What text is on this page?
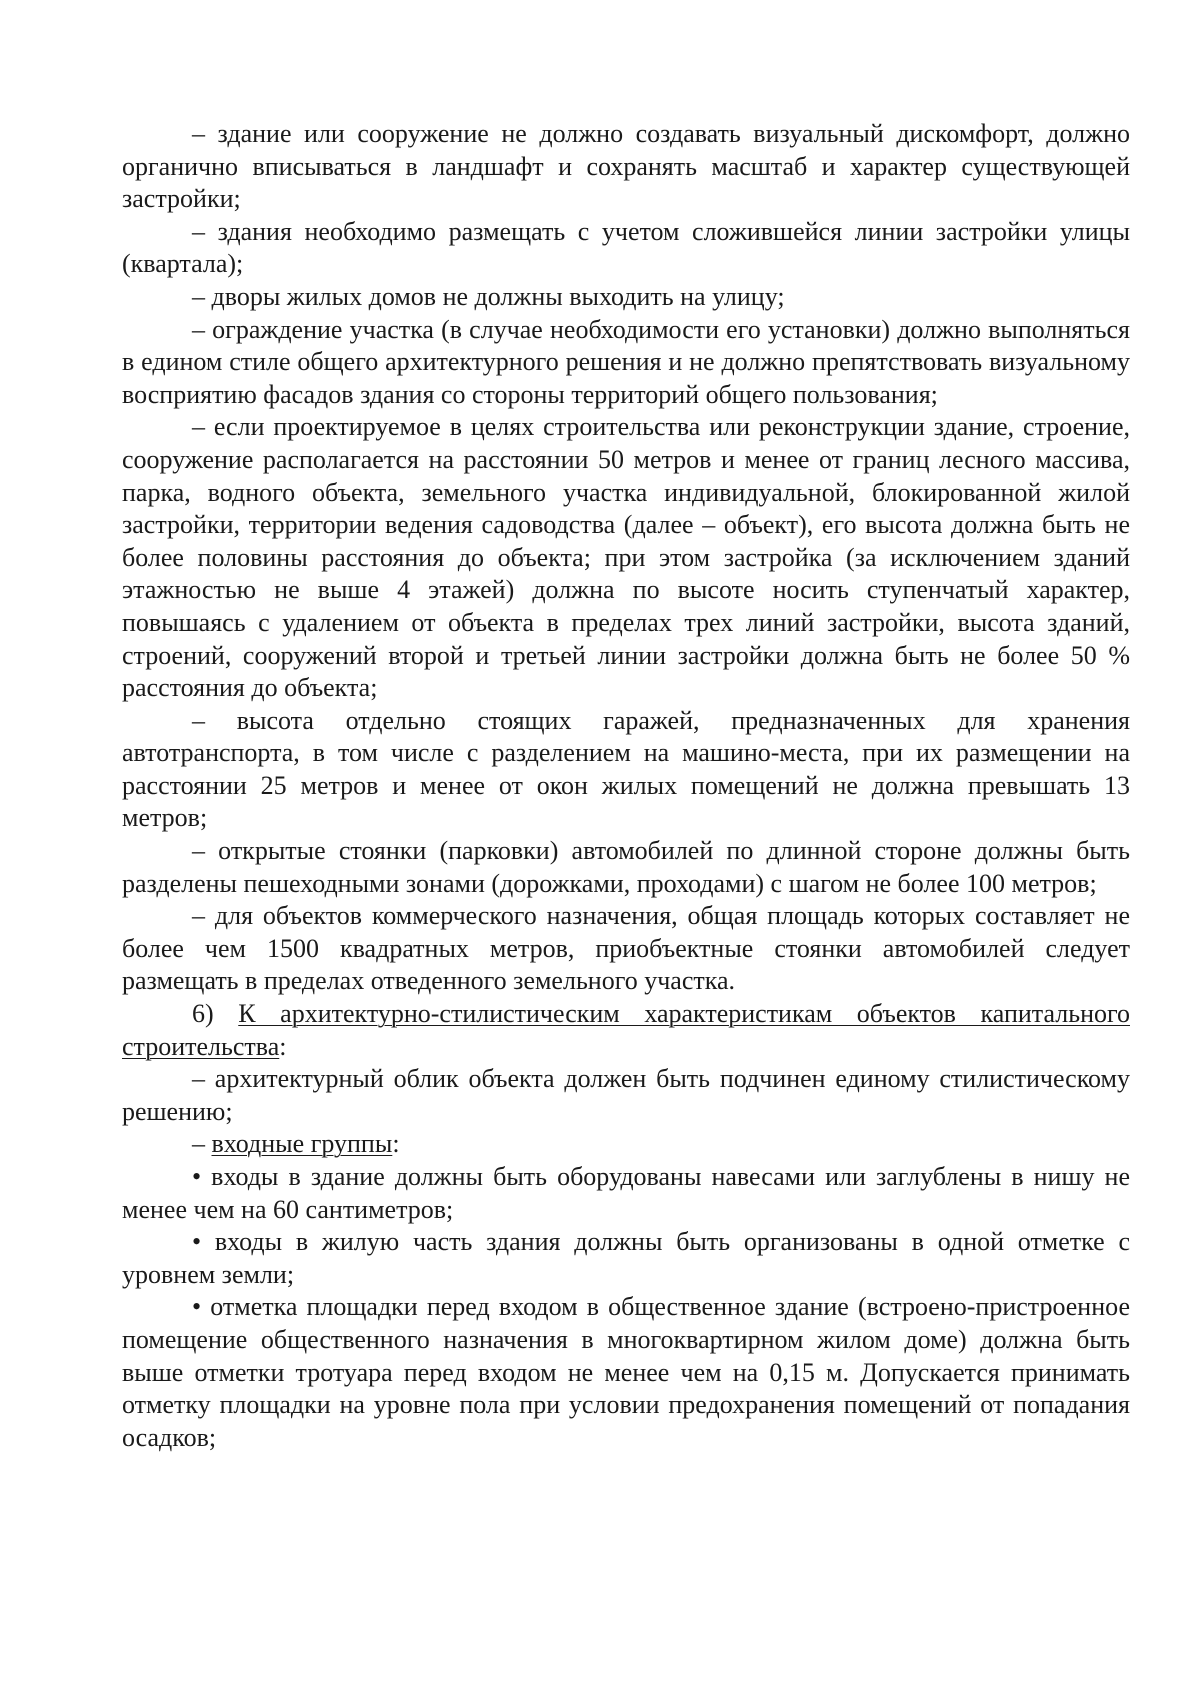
– здание или сооружение не должно создавать визуальный дискомфорт, должно органично вписываться в ландшафт и сохранять масштаб и характер существующей застройки;

– здания необходимо размещать с учетом сложившейся линии застройки улицы (квартала);

– дворы жилых домов не должны выходить на улицу;

– ограждение участка (в случае необходимости его установки) должно выполняться в едином стиле общего архитектурного решения и не должно препятствовать визуальному восприятию фасадов здания со стороны территорий общего пользования;

– если проектируемое в целях строительства или реконструкции здание, строение, сооружение располагается на расстоянии 50 метров и менее от границ лесного массива, парка, водного объекта, земельного участка индивидуальной, блокированной жилой застройки, территории ведения садоводства (далее – объект), его высота должна быть не более половины расстояния до объекта; при этом застройка (за исключением зданий этажностью не выше 4 этажей) должна по высоте носить ступенчатый характер, повышаясь с удалением от объекта в пределах трех линий застройки, высота зданий, строений, сооружений второй и третьей линии застройки должна быть не более 50 % расстояния до объекта;

– высота отдельно стоящих гаражей, предназначенных для хранения автотранспорта, в том числе с разделением на машино-места, при их размещении на расстоянии 25 метров и менее от окон жилых помещений не должна превышать 13 метров;

– открытые стоянки (парковки) автомобилей по длинной стороне должны быть разделены пешеходными зонами (дорожками, проходами) с шагом не более 100 метров;

– для объектов коммерческого назначения, общая площадь которых составляет не более чем 1500 квадратных метров, приобъектные стоянки автомобилей следует размещать в пределах отведенного земельного участка.

6) К архитектурно-стилистическим характеристикам объектов капитального строительства:

– архитектурный облик объекта должен быть подчинен единому стилистическому решению;

– входные группы:

• входы в здание должны быть оборудованы навесами или заглублены в нишу не менее чем на 60 сантиметров;

• входы в жилую часть здания должны быть организованы в одной отметке с уровнем земли;

• отметка площадки перед входом в общественное здание (встроено-пристроенное помещение общественного назначения в многоквартирном жилом доме) должна быть выше отметки тротуара перед входом не менее чем на 0,15 м. Допускается принимать отметку площадки на уровне пола при условии предохранения помещений от попадания осадков;
